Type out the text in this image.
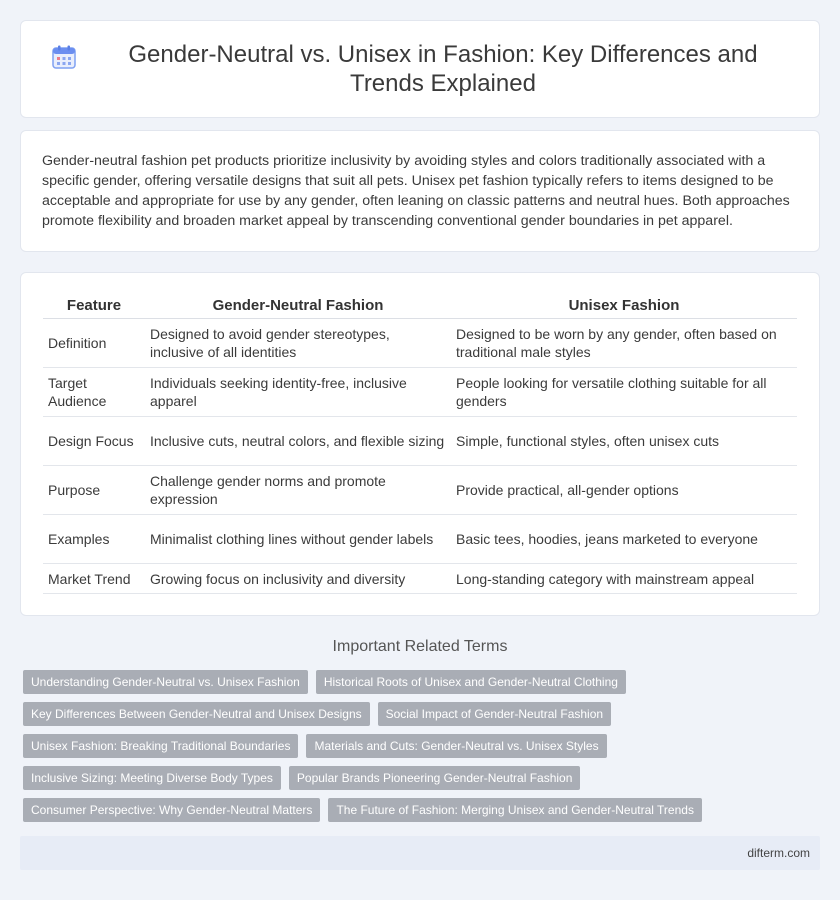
Gender-Neutral vs. Unisex in Fashion: Key Differences and Trends Explained

Gender-neutral fashion pet products prioritize inclusivity by avoiding styles and colors traditionally associated with a specific gender, offering versatile designs that suit all pets. Unisex pet fashion typically refers to items designed to be acceptable and appropriate for use by any gender, often leaning on classic patterns and neutral hues. Both approaches promote flexibility and broaden market appeal by transcending conventional gender boundaries in pet apparel.

Feature	Gender-Neutral Fashion	Unisex Fashion
Definition	Designed to avoid gender stereotypes, inclusive of all identities	Designed to be worn by any gender, often based on traditional male styles
Target Audience	Individuals seeking identity-free, inclusive apparel	People looking for versatile clothing suitable for all genders
Design Focus	Inclusive cuts, neutral colors, and flexible sizing	Simple, functional styles, often unisex cuts
Purpose	Challenge gender norms and promote expression	Provide practical, all-gender options
Examples	Minimalist clothing lines without gender labels	Basic tees, hoodies, jeans marketed to everyone
Market Trend	Growing focus on inclusivity and diversity	Long-standing category with mainstream appeal
Important Related Terms
Understanding Gender-Neutral vs. Unisex Fashion	Historical Roots of Unisex and Gender-Neutral Clothing
Key Differences Between Gender-Neutral and Unisex Designs	Social Impact of Gender-Neutral Fashion
Unisex Fashion: Breaking Traditional Boundaries	Materials and Cuts: Gender-Neutral vs. Unisex Styles
Inclusive Sizing: Meeting Diverse Body Types	Popular Brands Pioneering Gender-Neutral Fashion
Consumer Perspective: Why Gender-Neutral Matters	The Future of Fashion: Merging Unisex and Gender-Neutral Trends
difterm.com
